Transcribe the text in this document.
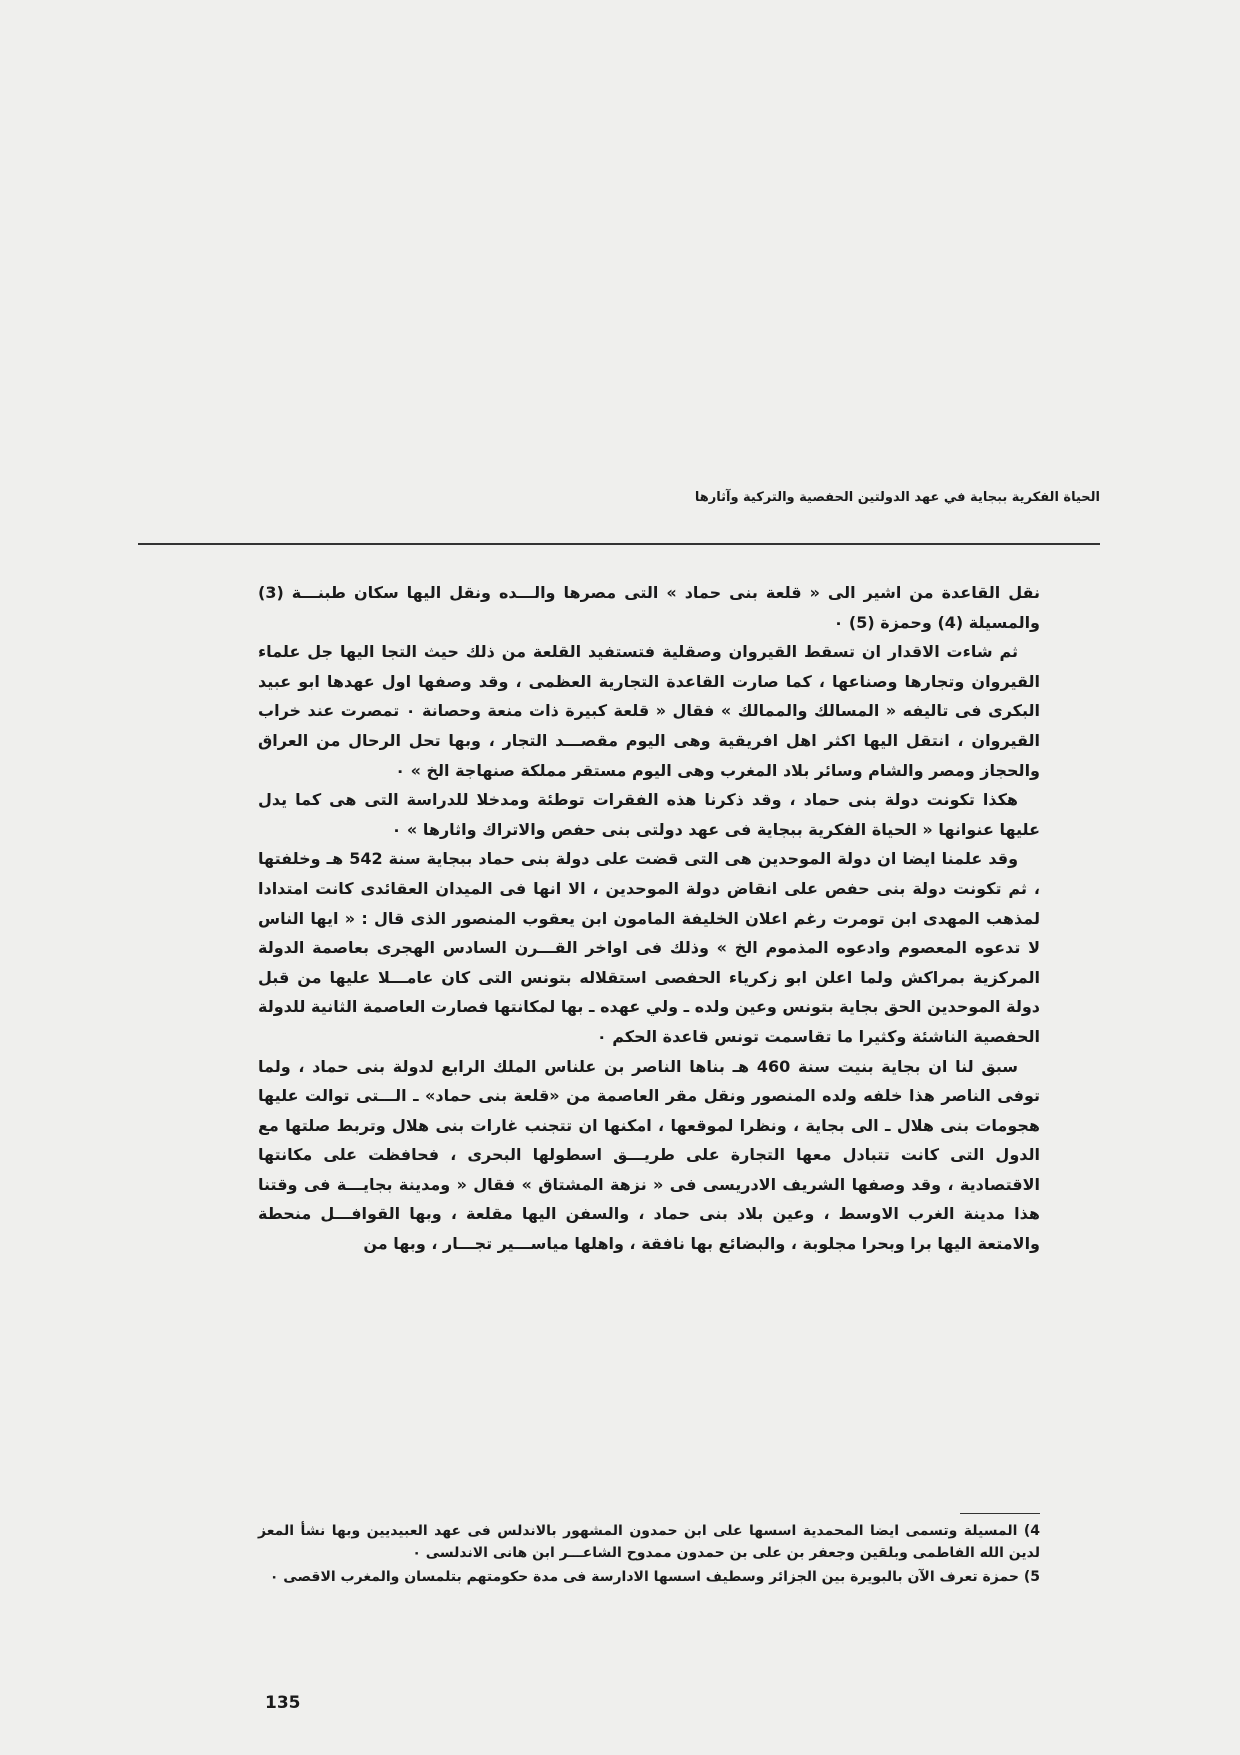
الحياة الفكرية ببجاية في عهد الدولتين الحفصية والتركية وآثارها

نقل القاعدة من اشير الى « قلعة بنى حماد » التى مصرها والـــده ونقل اليها سكان طبنـــة (3) والمسيلة (4) وحمزة (5) ٠

ثم شاءت الاقدار ان تسقط القيروان وصقلية فتستفيد القلعة من ذلك حيث التجا اليها جل علماء القيروان وتجارها وصناعها ، كما صارت القاعدة التجارية العظمى ، وقد وصفها اول عهدها ابو عبيد البكرى فى تاليفه « المسالك والممالك » فقال « قلعة كبيرة ذات منعة وحصانة ٠ تمصرت عند خراب القيروان ، انتقل اليها اكثر اهل افريقية وهى اليوم مقصـــد التجار ، وبها تحل الرحال من العراق والحجاز ومصر والشام وسائر بلاد المغرب وهى اليوم مستقر مملكة صنهاجة الخ » ٠

هكذا تكونت دولة بنى حماد ، وقد ذكرنا هذه الفقرات توطئة ومدخلا للدراسة التى هى كما يدل عليها عنوانها « الحياة الفكرية ببجاية فى عهد دولتى بنى حفص والاتراك واثارها » ٠

وقد علمنا ايضا ان دولة الموحدين هى التى قضت على دولة بنى حماد ببجاية سنة 542 هـ وخلفتها ، ثم تكونت دولة بنى حفص على انقاض دولة الموحدين ، الا انها فى الميدان العقائدى كانت امتدادا لمذهب المهدى ابن تومرت رغم اعلان الخليفة المامون ابن يعقوب المنصور الذى قال : « ايها الناس لا تدعوه المعصوم وادعوه المذموم الخ » وذلك فى اواخر القـــرن السادس الهجرى بعاصمة الدولة المركزية بمراكش ولما اعلن ابو زكرياء الحفصى استقلاله بتونس التى كان عامـــلا عليها من قبل دولة الموحدين الحق بجاية بتونس وعين ولده ـ ولي عهده ـ بها لمكانتها فصارت العاصمة الثانية للدولة الحفصية الناشئة وكثيرا ما تقاسمت تونس قاعدة الحكم ٠

سبق لنا ان بجاية بنيت سنة 460 هـ بناها الناصر بن علناس الملك الرابع لدولة بنى حماد ، ولما توفى الناصر هذا خلفه ولده المنصور ونقل مقر العاصمة من «قلعة بنى حماد» ـ الـــتى توالت عليها هجومات بنى هلال ـ الى بجاية ، ونظرا لموقعها ، امكنها ان تتجنب غارات بنى هلال وتربط صلتها مع الدول التى كانت تتبادل معها التجارة على طريـــق اسطولها البحرى ، فحافظت على مكانتها الاقتصادية ، وقد وصفها الشريف الادريسى فى « نزهة المشتاق » فقال « ومدينة بجايـــة فى وقتنا هذا مدينة الغرب الاوسط ، وعين بلاد بنى حماد ، والسفن اليها مقلعة ، وبها القوافـــل منحطة والامتعة اليها برا وبحرا مجلوبة ، والبضائع بها نافقة ، واهلها مياســـير تجـــار ، وبها من

4) المسيلة وتسمى ايضا المحمدية اسسها على ابن حمدون المشهور بالاندلس فى عهد العبيديين وبها نشأ المعز لدين الله الفاطمى وبلقين وجعفر بن على بن حمدون ممدوح الشاعـــر ابن هانى الاندلسى ٠

5) حمزة تعرف الآن بالبويرة بين الجزائر وسطيف اسسها الادارسة فى مدة حكومتهم بتلمسان والمغرب الاقصى ٠

135
